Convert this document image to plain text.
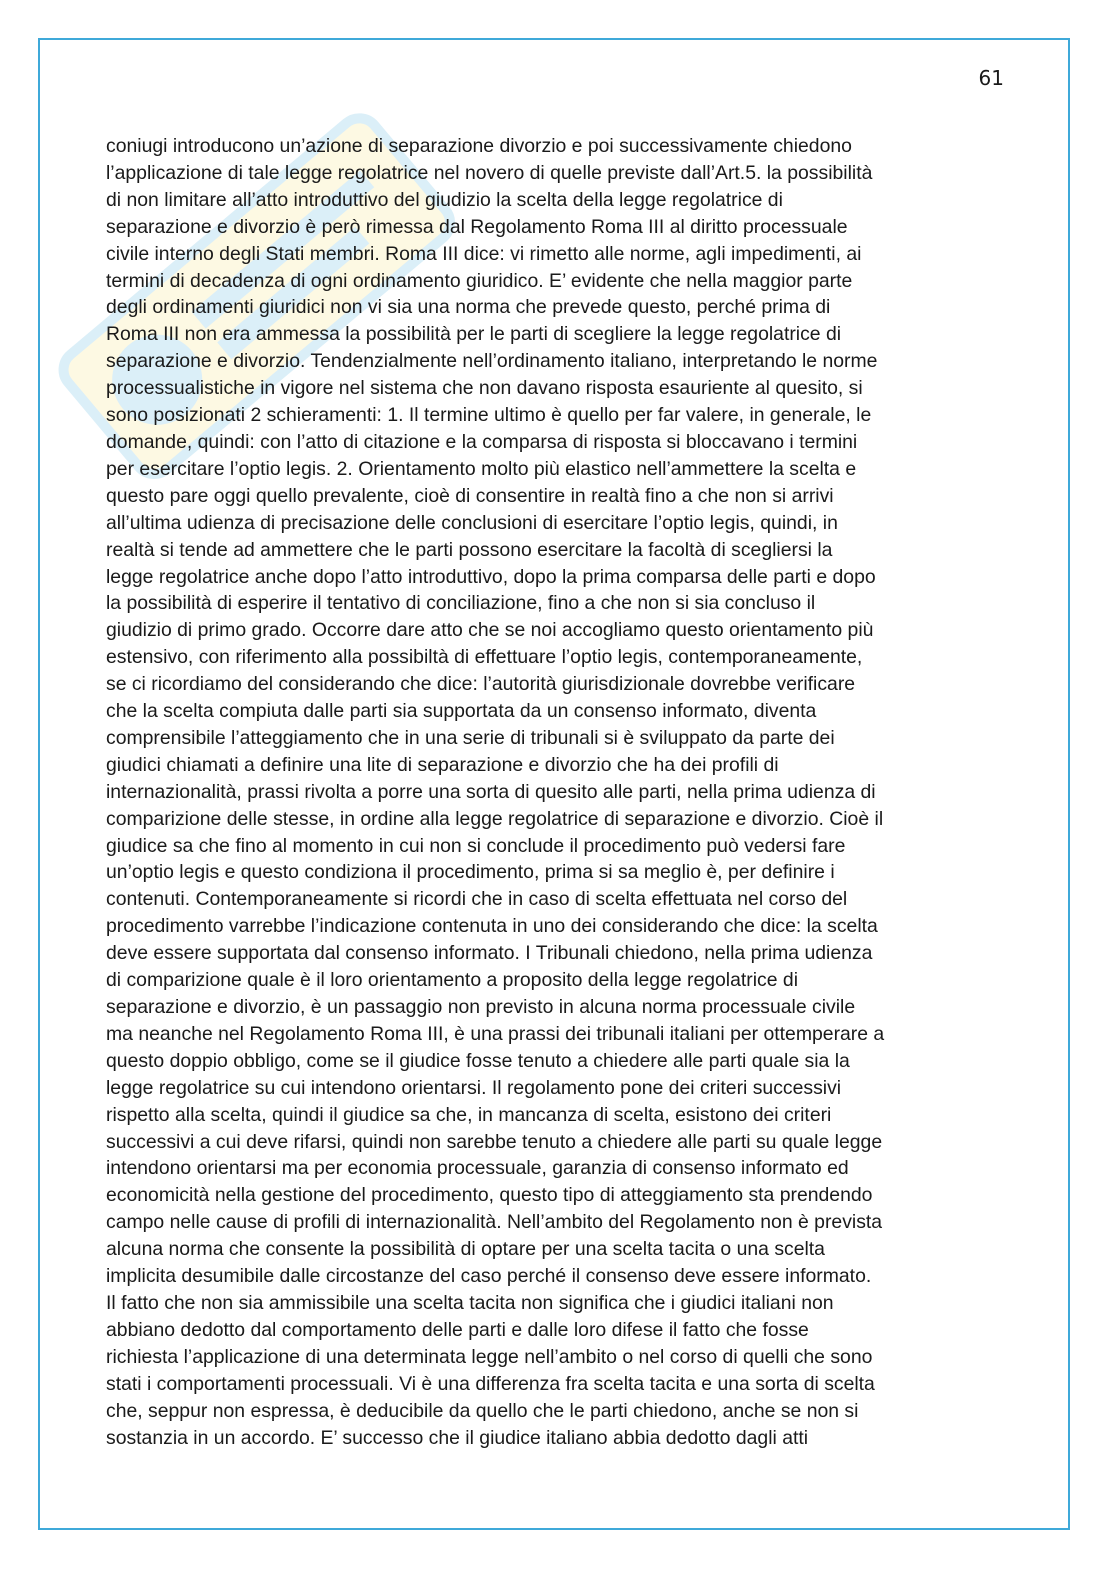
61
coniugi introducono un’azione di separazione divorzio e poi successivamente chiedono
l’applicazione di tale legge regolatrice nel novero di quelle previste dall’Art.5. la possibilità
di non limitare all’atto introduttivo del giudizio la scelta della legge regolatrice di
separazione e divorzio è però rimessa dal Regolamento Roma III al diritto processuale
civile interno degli Stati membri. Roma III dice: vi rimetto alle norme, agli impedimenti, ai
termini di decadenza di ogni ordinamento giuridico. E’ evidente che nella maggior parte
degli ordinamenti giuridici non vi sia una norma che prevede questo, perché prima di
Roma III non era ammessa la possibilità per le parti di scegliere la legge regolatrice di
separazione e divorzio. Tendenzialmente nell’ordinamento italiano, interpretando le norme
processualistiche in vigore nel sistema che non davano risposta esauriente al quesito, si
sono posizionati 2 schieramenti: 1. Il termine ultimo è quello per far valere, in generale, le
domande, quindi: con l’atto di citazione e la comparsa di risposta si bloccavano i termini
per esercitare l’optio legis. 2. Orientamento molto più elastico nell’ammettere la scelta e
questo pare oggi quello prevalente, cioè di consentire in realtà fino a che non si arrivi
all’ultima udienza di precisazione delle conclusioni di esercitare l’optio legis, quindi, in
realtà si tende ad ammettere che le parti possono esercitare la facoltà di scegliersi la
legge regolatrice anche dopo l’atto introduttivo, dopo la prima comparsa delle parti e dopo
la possibilità di esperire il tentativo di conciliazione, fino a che non si sia concluso il
giudizio di primo grado. Occorre dare atto che se noi accogliamo questo orientamento più
estensivo, con riferimento alla possibiltà di effettuare l’optio legis, contemporaneamente,
se ci ricordiamo del considerando che dice: l’autorità giurisdizionale dovrebbe verificare
che la scelta compiuta dalle parti sia supportata da un consenso informato, diventa
comprensibile l’atteggiamento che in una serie di tribunali si è sviluppato da parte dei
giudici chiamati a definire una lite di separazione e divorzio che ha dei profili di
internazionalità, prassi rivolta a porre una sorta di quesito alle parti, nella prima udienza di
comparizione delle stesse, in ordine alla legge regolatrice di separazione e divorzio. Cioè il
giudice sa che fino al momento in cui non si conclude il procedimento può vedersi fare
un’optio legis e questo condiziona il procedimento, prima si sa meglio è, per definire i
contenuti. Contemporaneamente si ricordi che in caso di scelta effettuata nel corso del
procedimento varrebbe l’indicazione contenuta in uno dei considerando che dice: la scelta
deve essere supportata dal consenso informato. I Tribunali chiedono, nella prima udienza
di comparizione quale è il loro orientamento a proposito della legge regolatrice di
separazione e divorzio, è un passaggio non previsto in alcuna norma processuale civile
ma neanche nel Regolamento Roma III, è una prassi dei tribunali italiani per ottemperare a
questo doppio obbligo, come se il giudice fosse tenuto a chiedere alle parti quale sia la
legge regolatrice su cui intendono orientarsi. Il regolamento pone dei criteri successivi
rispetto alla scelta, quindi il giudice sa che, in mancanza di scelta, esistono dei criteri
successivi a cui deve rifarsi, quindi non sarebbe tenuto a chiedere alle parti su quale legge
intendono orientarsi ma per economia processuale, garanzia di consenso informato ed
economicità nella gestione del procedimento, questo tipo di atteggiamento sta prendendo
campo nelle cause di profili di internazionalità. Nell’ambito del Regolamento non è prevista
alcuna norma che consente la possibilità di optare per una scelta tacita o una scelta
implicita desumibile dalle circostanze del caso perché il consenso deve essere informato.
Il fatto che non sia ammissibile una scelta tacita non significa che i giudici italiani non
abbiano dedotto dal comportamento delle parti e dalle loro difese il fatto che fosse
richiesta l’applicazione di una determinata legge nell’ambito o nel corso di quelli che sono
stati i comportamenti processuali. Vi è una differenza fra scelta tacita e una sorta di scelta
che, seppur non espressa, è deducibile da quello che le parti chiedono, anche se non si
sostanzia in un accordo. E’ successo che il giudice italiano abbia dedotto dagli atti
